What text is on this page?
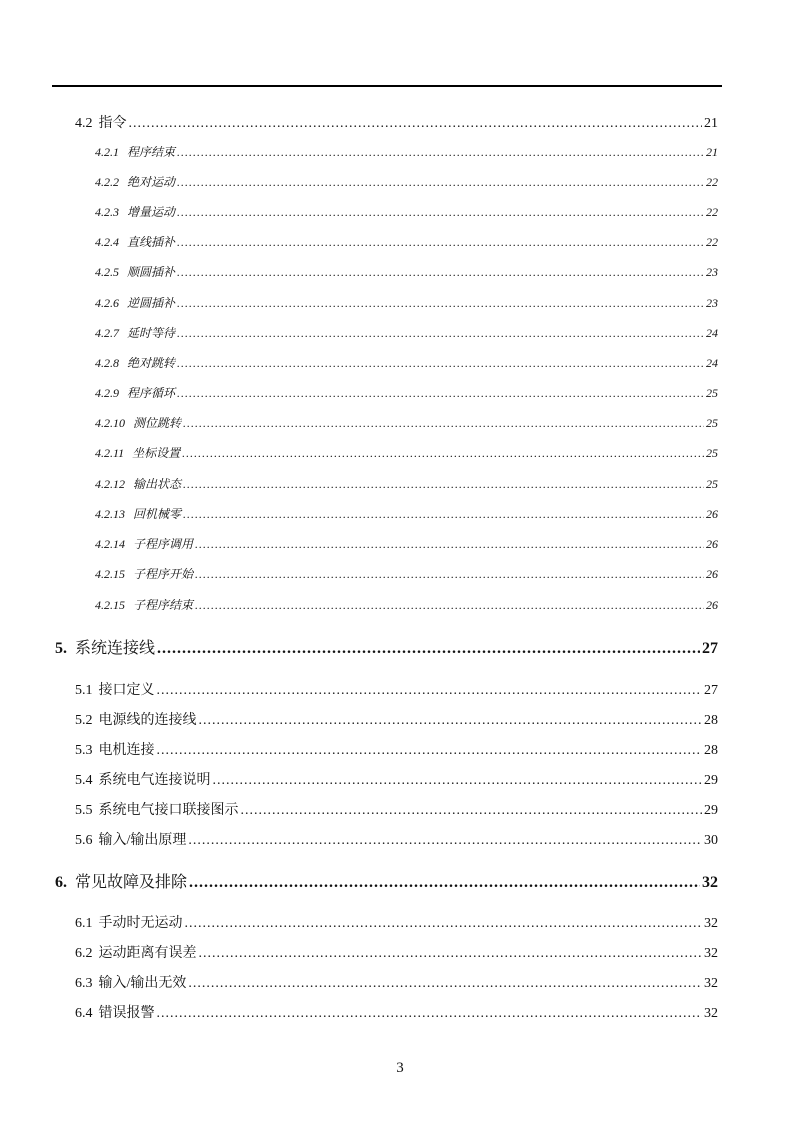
4.2 指令 .....	21
4.2.1 程序结束 .....	21
4.2.2 绝对运动 .....	22
4.2.3 增量运动 .....	22
4.2.4 直线插补 .....	22
4.2.5 顺圆插补 .....	23
4.2.6 逆圆插补 .....	23
4.2.7 延时等待 .....	24
4.2.8 绝对跳转 .....	24
4.2.9 程序循环 .....	25
4.2.10 测位跳转 .....	25
4.2.11 坐标设置 .....	25
4.2.12 输出状态 .....	25
4.2.13 回机械零 .....	26
4.2.14 子程序调用 .....	26
4.2.15 子程序开始 .....	26
4.2.15 子程序结束 .....	26
5. 系统连接线 .....	27
5.1 接口定义 .....	27
5.2 电源线的连接线 .....	28
5.3 电机连接 .....	28
5.4 系统电气连接说明 .....	29
5.5 系统电气接口联接图示 .....	29
5.6 输入/输出原理 .....	30
6. 常见故障及排除 .....	32
6.1 手动时无运动 .....	32
6.2 运动距离有误差 .....	32
6.3 输入/输出无效 .....	32
6.4 错误报警 .....	32
3
